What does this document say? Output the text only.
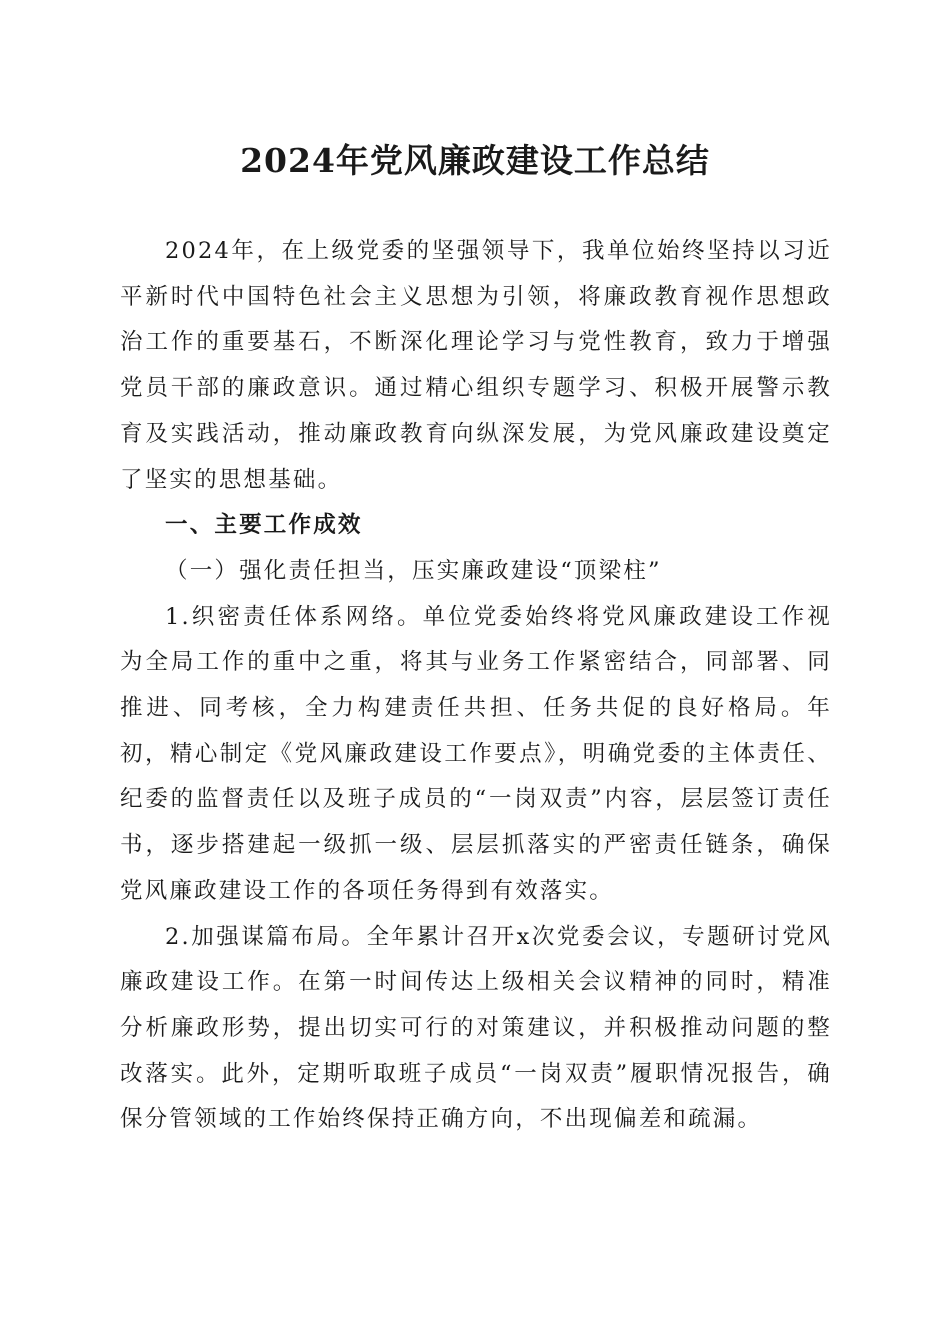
2024年党风廉政建设工作总结

2024年，在上级党委的坚强领导下，我单位始终坚持以习近平新时代中国特色社会主义思想为引领，将廉政教育视作思想政治工作的重要基石，不断深化理论学习与党性教育，致力于增强党员干部的廉政意识。通过精心组织专题学习、积极开展警示教育及实践活动，推动廉政教育向纵深发展，为党风廉政建设奠定了坚实的思想基础。

一、主要工作成效
（一）强化责任担当，压实廉政建设“顶梁柱”

1.织密责任体系网络。单位党委始终将党风廉政建设工作视为全局工作的重中之重，将其与业务工作紧密结合，同部署、同推进、同考核，全力构建责任共担、任务共促的良好格局。年初，精心制定《党风廉政建设工作要点》，明确党委的主体责任、纪委的监督责任以及班子成员的“一岗双责”内容，层层签订责任书，逐步搭建起一级抓一级、层层抓落实的严密责任链条，确保党风廉政建设工作的各项任务得到有效落实。

2.加强谋篇布局。全年累计召开x次党委会议，专题研讨党风廉政建设工作。在第一时间传达上级相关会议精神的同时，精准分析廉政形势，提出切实可行的对策建议，并积极推动问题的整改落实。此外，定期听取班子成员“一岗双责”履职情况报告，确保分管领域的工作始终保持正确方向，不出现偏差和疏漏。
